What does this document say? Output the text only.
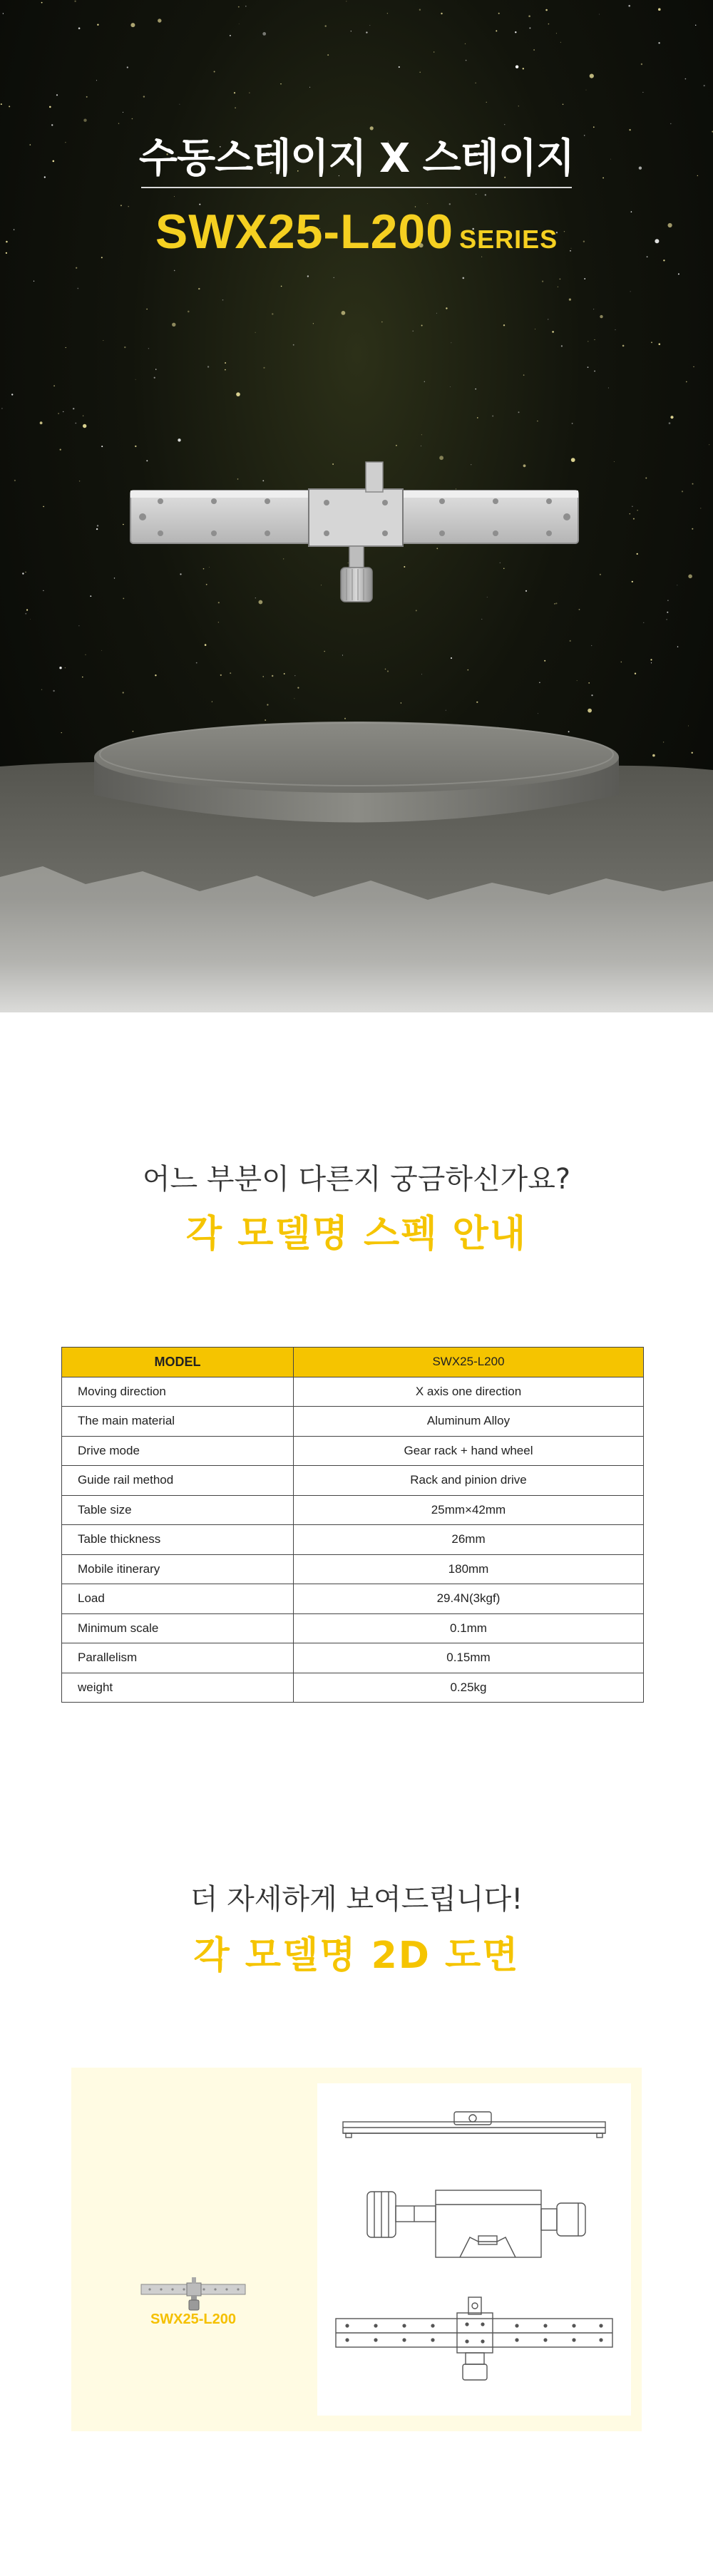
수동스테이지 X 스테이지
SWX25-L200 SERIES
어느 부분이 다른지 궁금하신가요?
각 모델명 스펙 안내
MODEL	SWX25-L200
Moving direction	X axis one direction
The main material	Aluminum Alloy
Drive mode	Gear rack + hand wheel
Guide rail method	Rack and pinion drive
Table size	25mm×42mm
Table thickness	26mm
Mobile itinerary	180mm
Load	29.4N(3kgf)
Minimum scale	0.1mm
Parallelism	0.15mm
weight	0.25kg
더 자세하게 보여드립니다!
각 모델명 2D 도면
SWX25-L200
